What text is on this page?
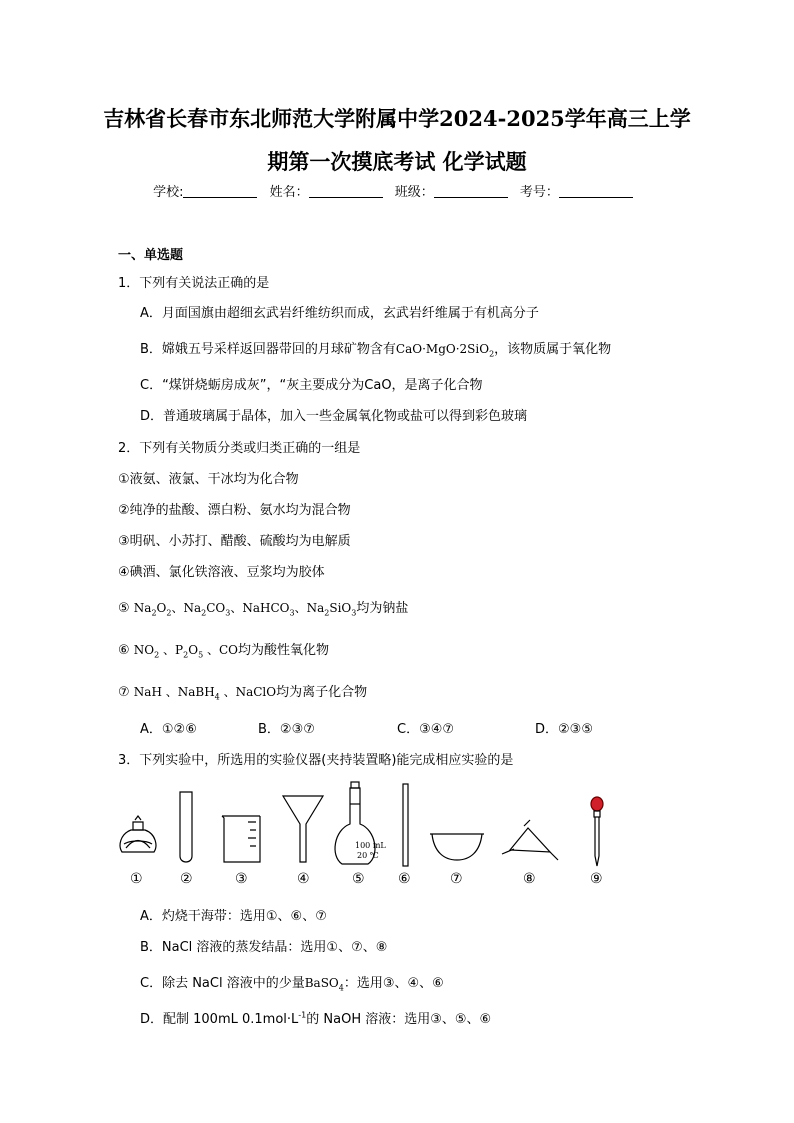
吉林省长春市东北师范大学附属中学2024-2025学年高三上学
期第一次摸底考试 化学试题
学校:	姓名：	班级：	考号：
一、单选题
1．下列有关说法正确的是
A．月面国旗由超细玄武岩纤维纺织而成，玄武岩纤维属于有机高分子
B．嫦娥五号采样返回器带回的月球矿物含有CaO·MgO·2SiO$_2$，该物质属于氧化物
C．“煤饼烧蛎房成灰”，“灰主要成分为CaO，是离子化合物
D．普通玻璃属于晶体，加入一些金属氧化物或盐可以得到彩色玻璃
2．下列有关物质分类或归类正确的一组是
①液氨、液氯、干冰均为化合物
②纯净的盐酸、漂白粉、氨水均为混合物
③明矾、小苏打、醋酸、硫酸均为电解质
④碘酒、氯化铁溶液、豆浆均为胶体
⑤ $Na_2O_2$、$Na_2CO_3$、NaHCO$_3$、$Na_2SiO_3$均为钠盐
⑥ $NO_2$ 、$P_2O_5$ 、CO均为酸性氧化物
⑦ NaH 、NaBH$_4$ 、NaClO均为离子化合物
A．①②⑥	B．②③⑦	C．③④⑦	D．②③⑤
3．下列实验中，所选用的实验仪器(夹持装置略)能完成相应实验的是
100 mL
20 ℃
①	②	③	④	⑤ ⑥	⑦	⑧	⑨
A．灼烧干海带：选用①、⑥、⑦
B．NaCl 溶液的蒸发结晶：选用①、⑦、⑧
C．除去 NaCl 溶液中的少量BaSO$_4$：选用③、④、⑥
D．配制 100mL $0.1mol\cdot L^{-1}$的 NaOH 溶液：选用③、⑤、⑥
